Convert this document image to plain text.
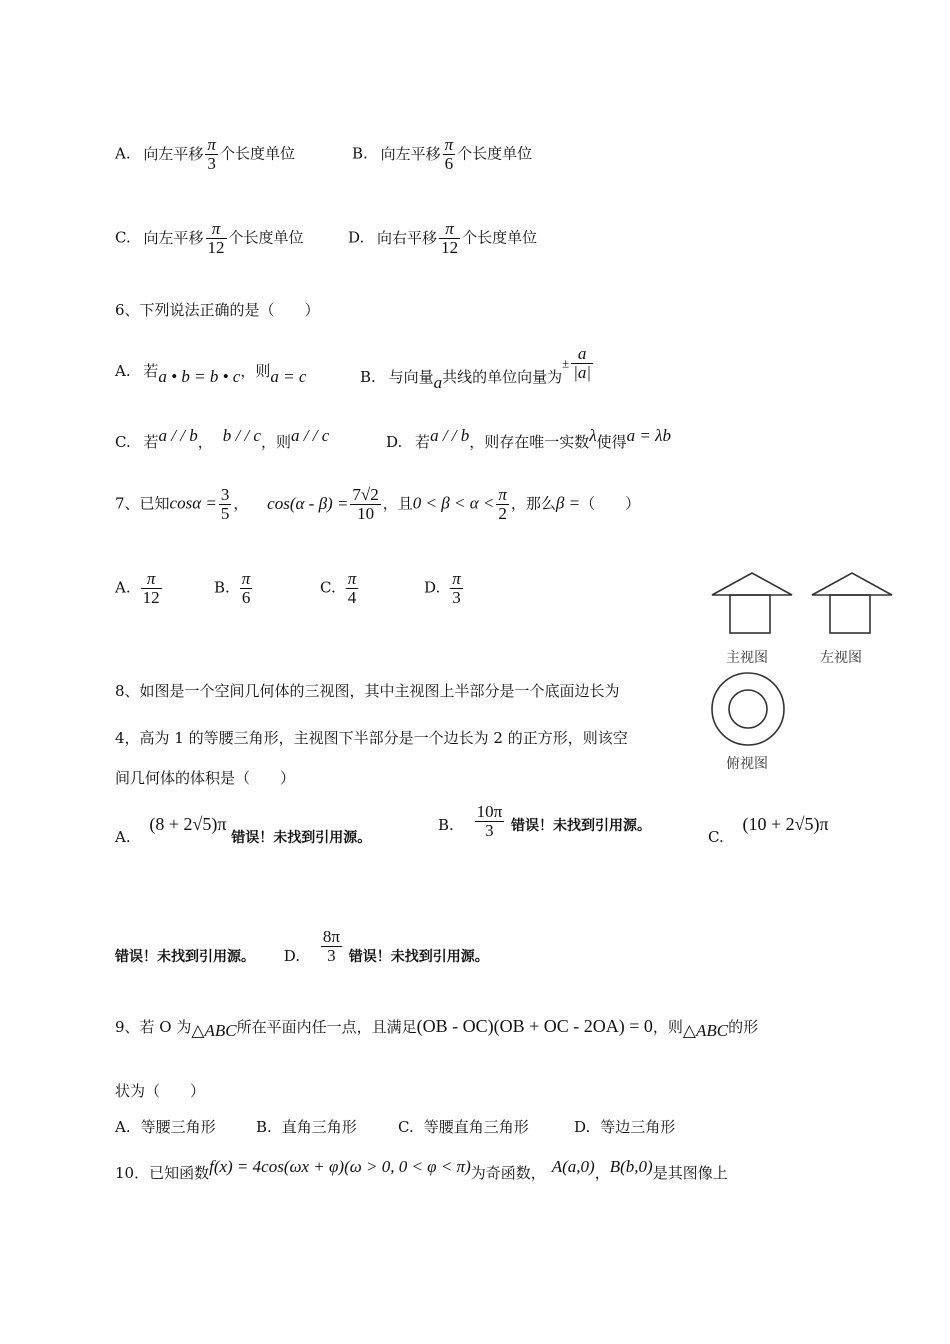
A. 向左平移 $\frac{\pi}{3}$ 个长度单位	B. 向左平移 $\frac{\pi}{6}$ 个长度单位
C. 向左平移 $\frac{\pi}{12}$ 个长度单位	D. 向右平移 $\frac{\pi}{12}$ 个长度单位
6、下列说法正确的是（　　）
A. 若a • b = b • c，则a = c	B. 与向量a共线的单位向量为± $\frac{a}{|a|}$
C. 若a / / b， b / / c，则a / / c	D. 若a / / b，则存在唯一实数λ使得a = λb
7、已知$\cos\alpha = \frac{3}{5}$ ， $\cos(\alpha - \beta) = \frac{7√2}{10}$ ，且$0 < \beta < \alpha < \frac{\pi}{2}$ ，那么β =（　　）
A. $\frac{\pi}{12}$	B. $\frac{\pi}{6}$	C. $\frac{\pi}{4}$	D. $\frac{\pi}{3}$
主视图	左视图
俯视图
8、如图是一个空间几何体的三视图，其中主视图上半部分是一个底面边长为
4，高为 1 的等腰三角形，主视图下半部分是一个边长为 2 的正方形，则该空
间几何体的体积是（　　）
A. (8 + 2√5)π 错误！未找到引用源。
B. $\frac{10\pi}{3}$ 错误！未找到引用源。
C. (10 + 2√5)π
错误！未找到引用源。 D. $\frac{8\pi}{3}$ 错误！未找到引用源。
9、若 O 为△ABC所在平面内任一点，且满足(OB - OC)(OB + OC - 2OA) = 0，则△ABC的形
状为（　　）
A. 等腰三角形	B. 直角三角形	C. 等腰直角三角形	D. 等边三角形
10．已知函数f(x) = 4cos(ωx + φ)(ω > 0, 0 < φ < π)为奇函数， A(a,0)，B(b,0)是其图像上
